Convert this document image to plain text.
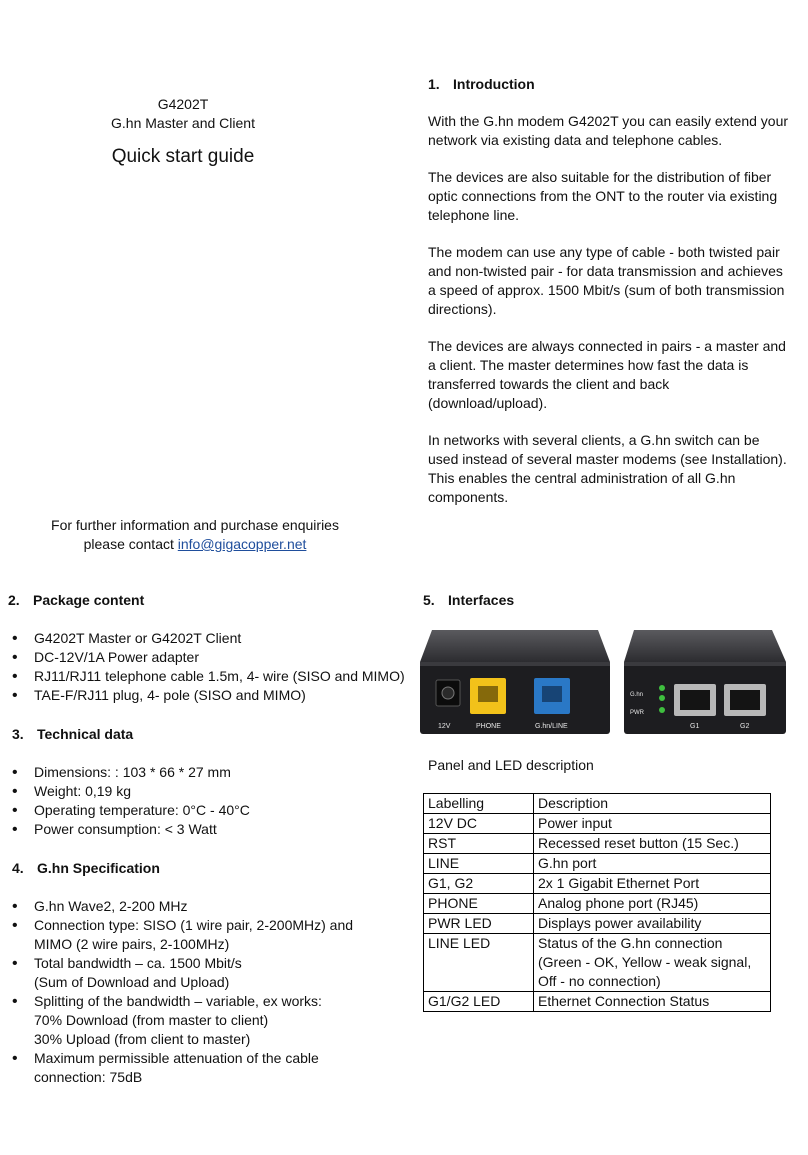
G4202T
G.hn Master and Client
Quick start guide
For further information and purchase enquiries
please contact info@gigacopper.net
1. Introduction

With the G.hn modem G4202T you can easily extend your network via existing data and telephone cables.

The devices are also suitable for the distribution of fiber optic connections from the ONT to the router via existing telephone line.

The modem can use any type of cable - both twisted pair and non-twisted pair - for data transmission and achieves a speed of approx. 1500 Mbit/s (sum of both transmission directions).

The devices are always connected in pairs - a master and a client. The master determines how fast the data is transferred towards the client and back (download/upload).

In networks with several clients, a G.hn switch can be used instead of several master modems (see Installation). This enables the central administration of all G.hn components.

2. Package content
• G4202T Master or G4202T Client
• DC-12V/1A Power adapter
• RJ11/RJ11 telephone cable 1.5m, 4- wire (SISO and MIMO)
• TAE-F/RJ11 plug, 4- pole (SISO and MIMO)
3. Technical data
• Dimensions: : 103 * 66 * 27 mm
• Weight: 0,19 kg
• Operating temperature: 0°C - 40°C
• Power consumption: < 3 Watt
4. G.hn Specification
• G.hn Wave2, 2-200 MHz
• Connection type: SISO (1 wire pair, 2-200MHz) and
MIMO (2 wire pairs, 2-100MHz)
• Total bandwidth – ca. 1500 Mbit/s
(Sum of Download and Upload)
• Splitting of the bandwidth – variable, ex works:
70% Download (from master to client)
30% Upload (from client to master)
• Maximum permissible attenuation of the cable
connection: 75dB
5. Interfaces
12V	PHONE	G.hn/LINE
G.hn
PWR
G1	G2
Panel and LED description
Labelling	Description
12V DC	Power input
RST	Recessed reset button (15 Sec.)
LINE	G.hn port
G1, G2	2x 1 Gigabit Ethernet Port
PHONE	Analog phone port (RJ45)
PWR LED	Displays power availability
LINE LED	Status of the G.hn connection (Green - OK, Yellow - weak signal, Off - no connection)
G1/G2 LED	Ethernet Connection Status
